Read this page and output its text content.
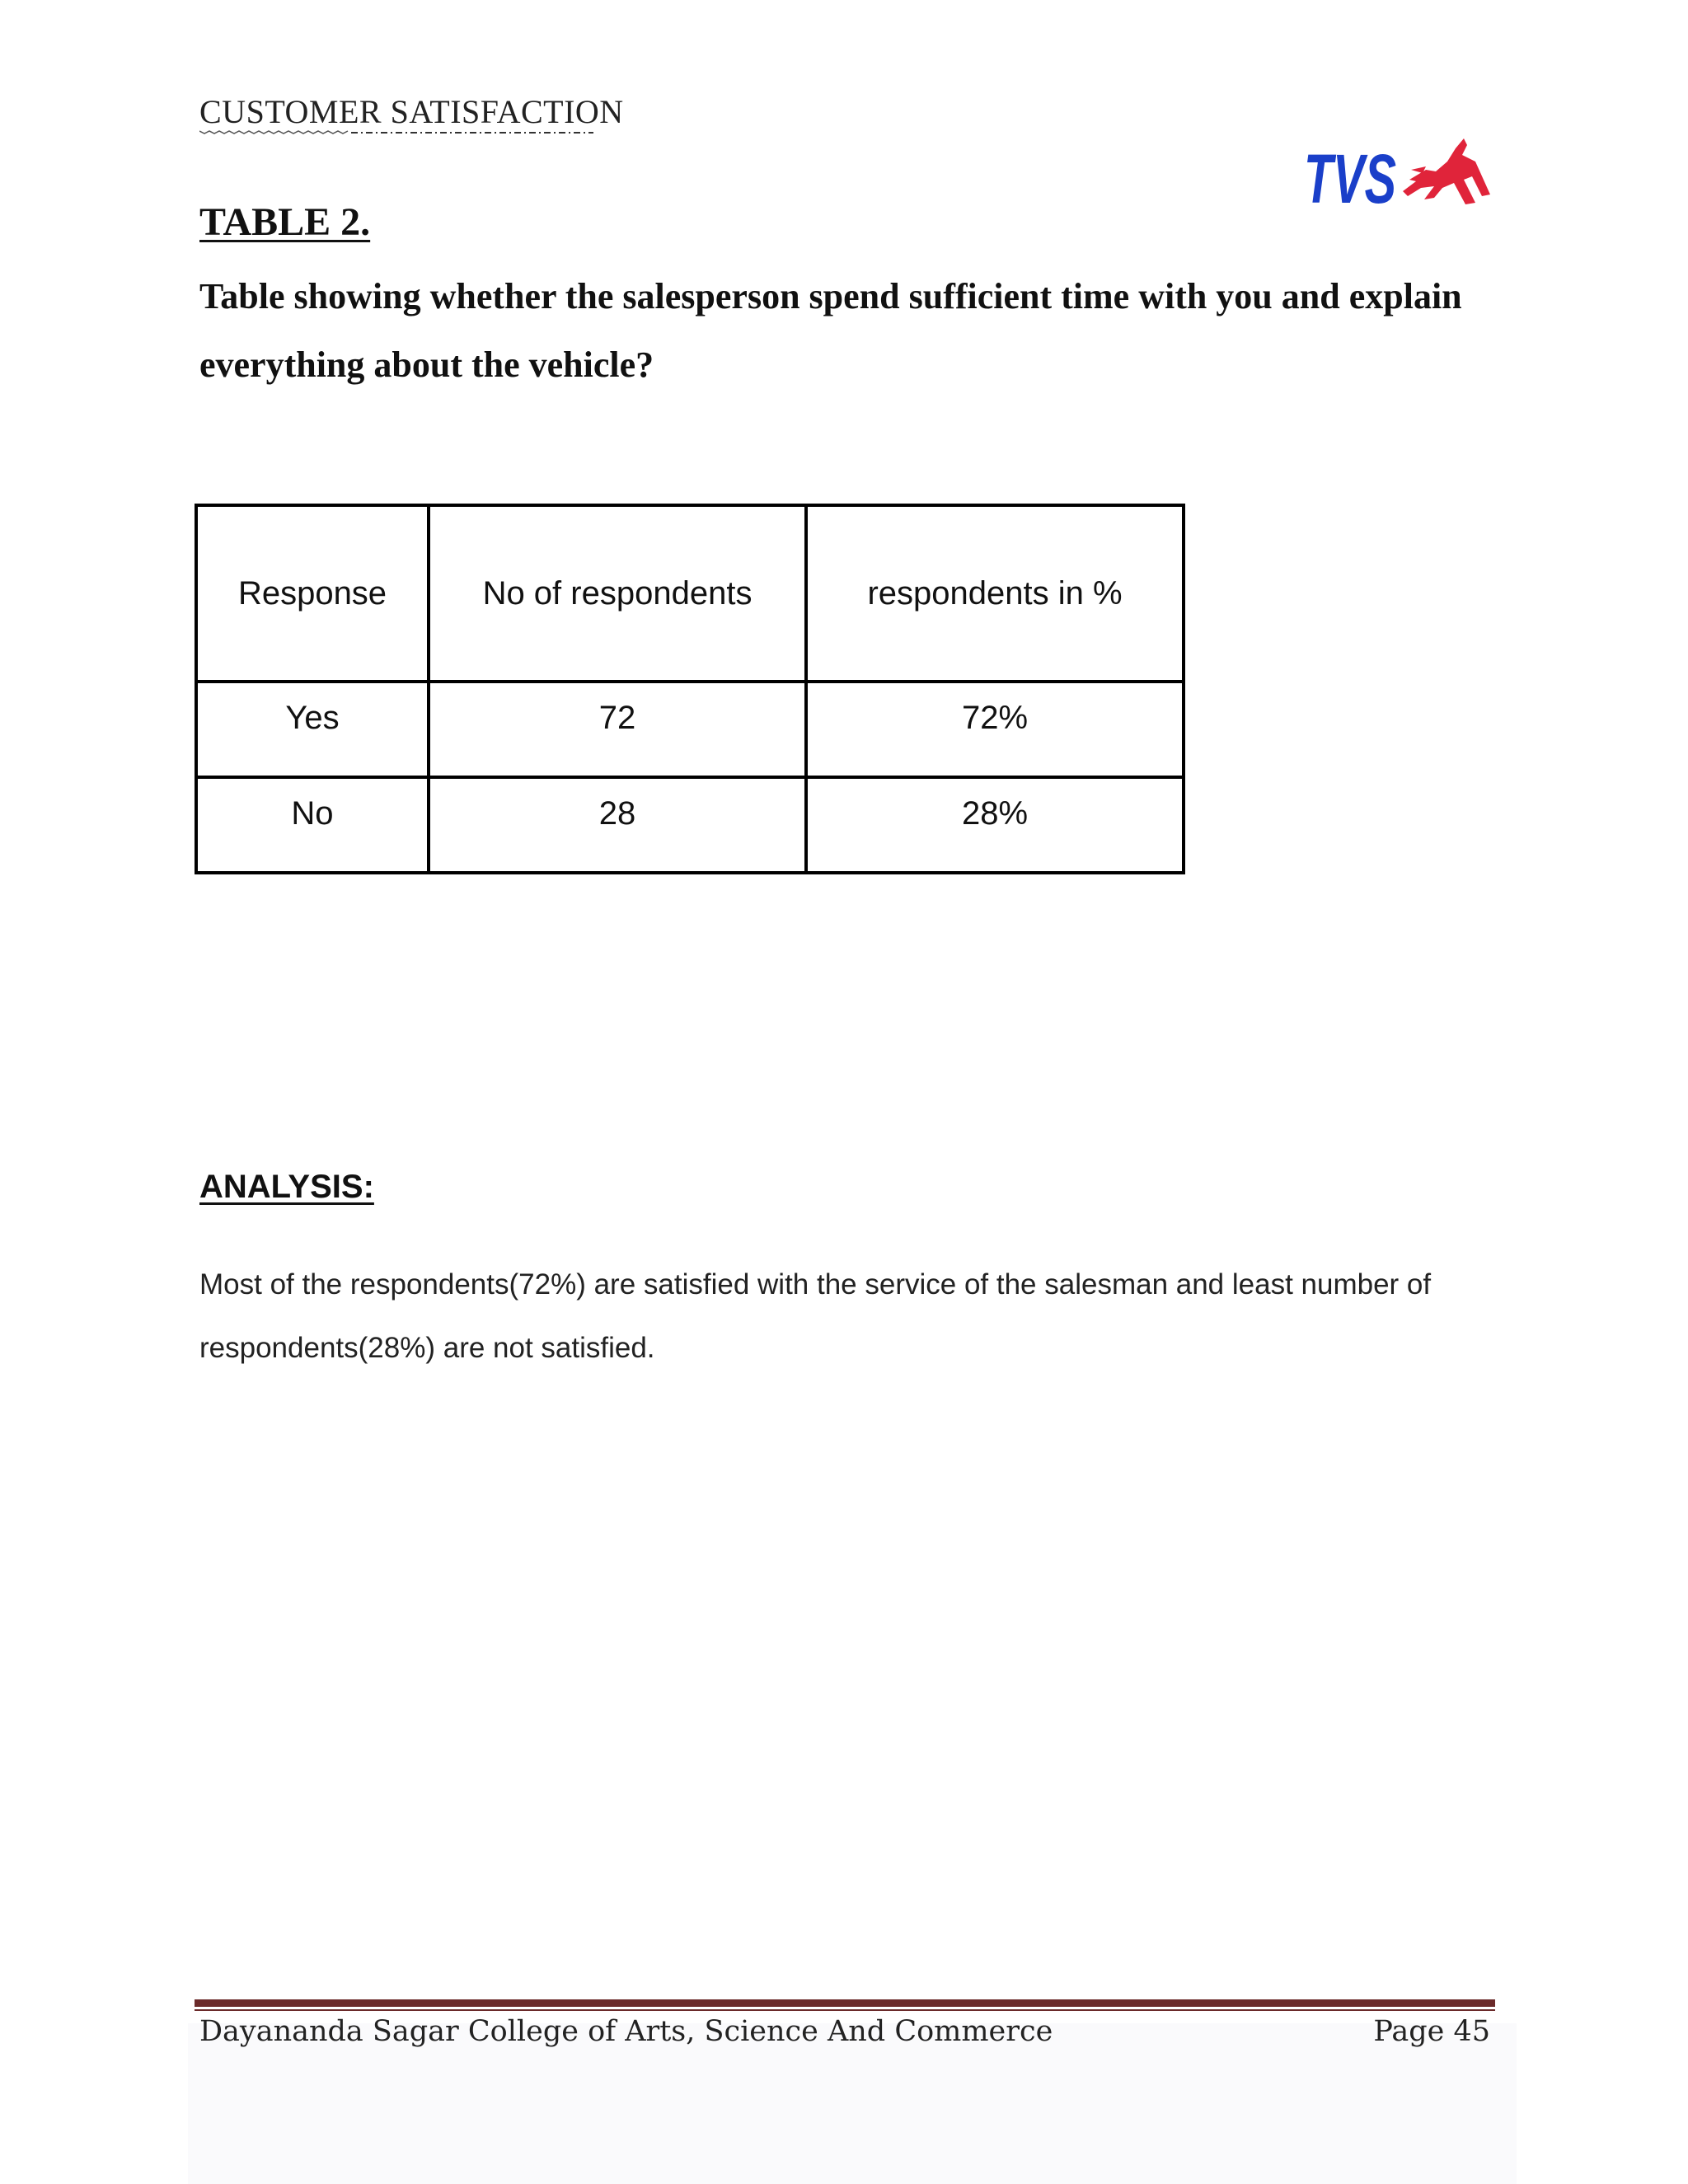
CUSTOMER SATISFACTION
TVS
TABLE 2.
Table showing whether the salesperson spend sufficient time with you and explain everything about the vehicle?
Response	No of respondents	respondents in %
Yes	72	72%
No	28	28%
ANALYSIS:
Most of the respondents(72%) are satisfied with the service of the salesman and least number of respondents(28%) are not satisfied.
Dayananda Sagar College of Arts, Science And Commerce	Page 45
